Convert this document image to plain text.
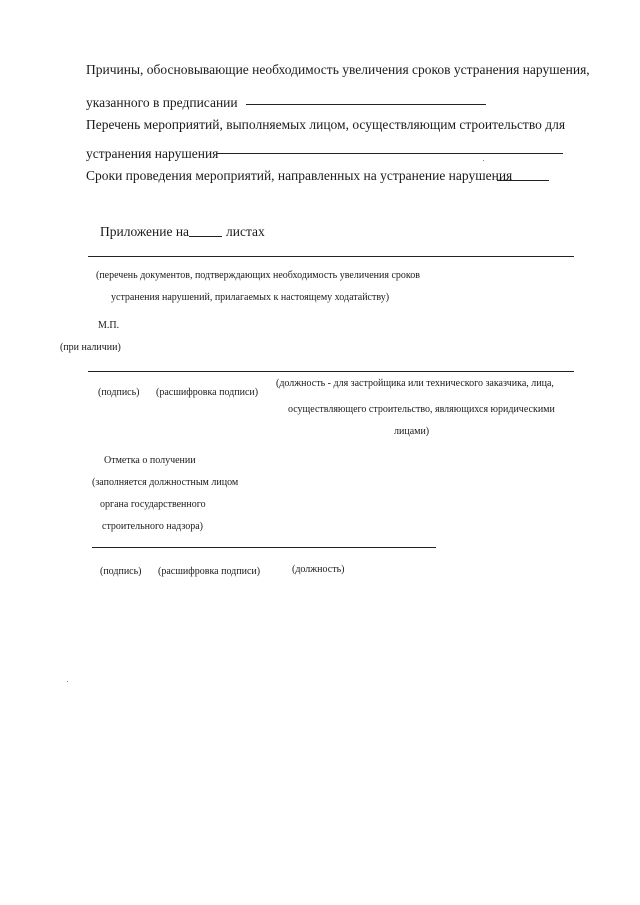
Причины, обосновывающие необходимость увеличения сроков устранения нарушения,
указанного в предписании
Перечень мероприятий, выполняемых лицом, осуществляющим строительство для
устранения нарушения
Сроки проведения мероприятий, направленных на устранение нарушения
Приложение на	листах
(перечень документов, подтверждающих необходимость увеличения сроков
устранения нарушений, прилагаемых к настоящему ходатайству)
М.П.
(при наличии)
(подпись) (расшифровка подписи)
(должность - для застройщика или технического заказчика, лица,
осуществляющего строительство, являющихся юридическими
лицами)
Отметка о получении
(заполняется должностным лицом
органа государственного
строительного надзора)
(подпись) (расшифровка подписи)	(должность)
